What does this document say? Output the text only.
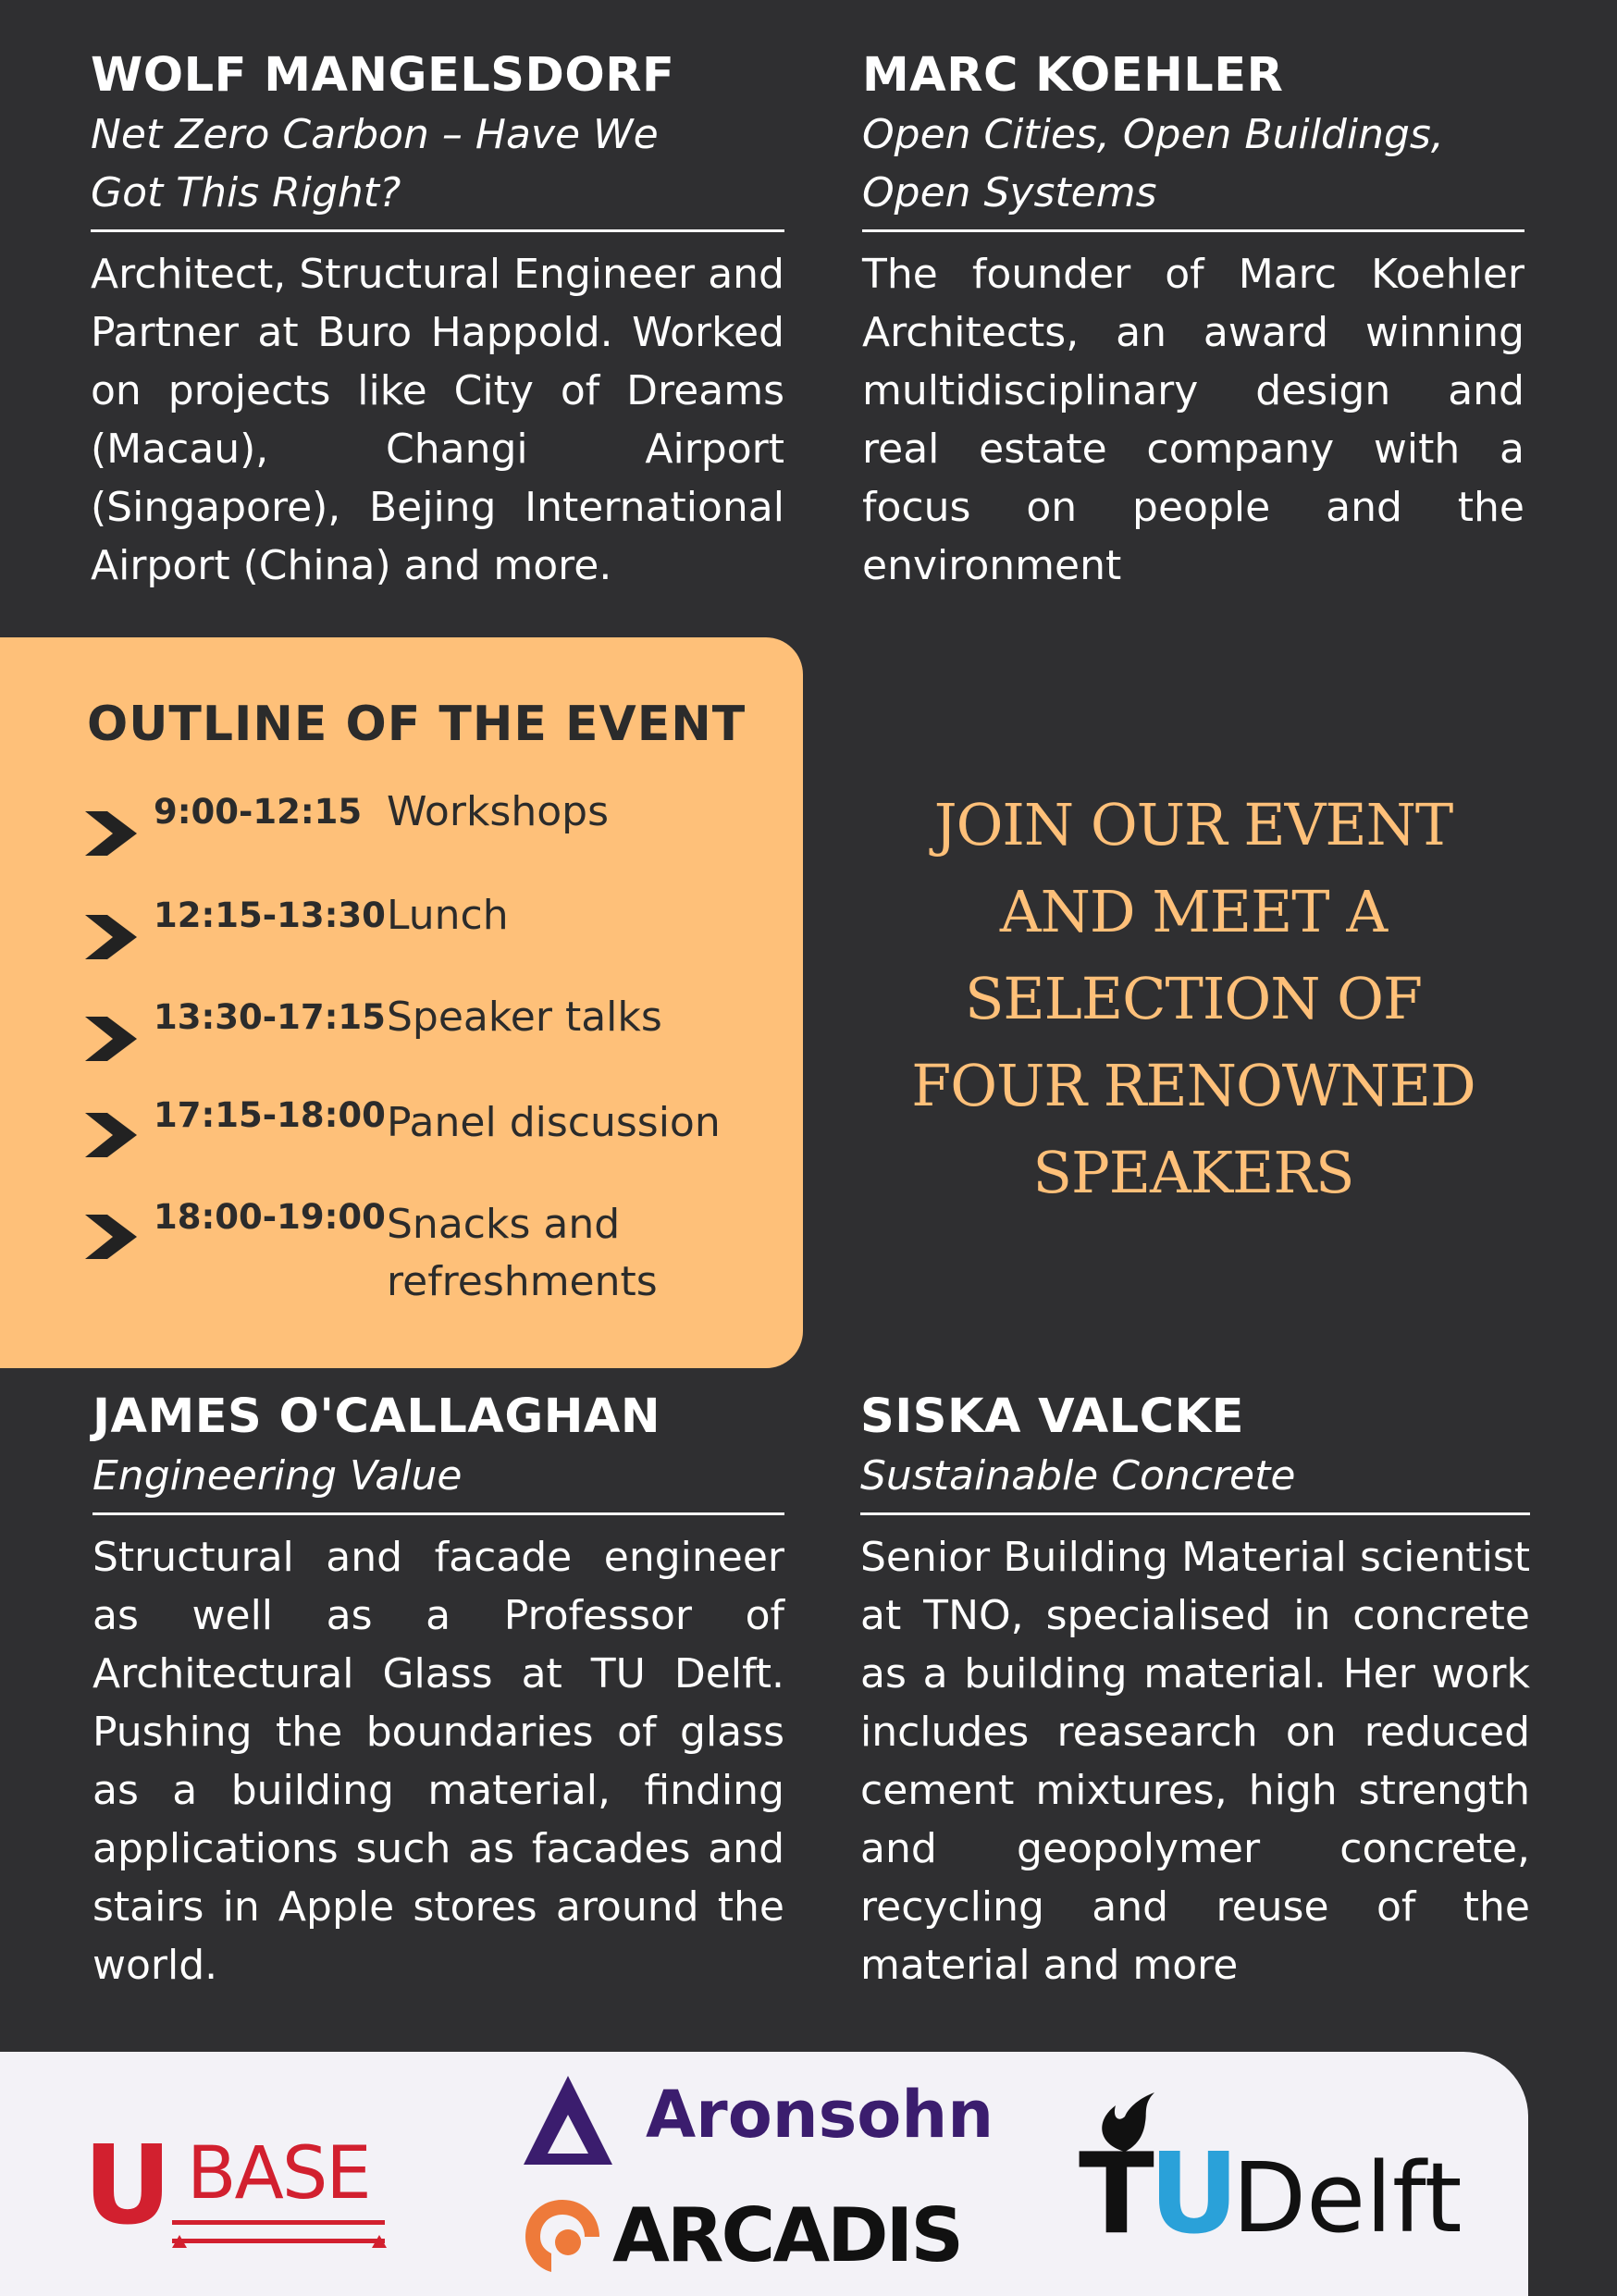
WOLF MANGELSDORF
Net Zero Carbon – Have We
Got This Right?
Architect, Structural Engineer and Partner at Buro Happold. Worked on projects like City of Dreams (Macau), Changi Airport (Singapore), Bejing International Airport (China) and more.
MARC KOEHLER
Open Cities, Open Buildings,
Open Systems
The founder of Marc Koehler Architects, an award winning multidisciplinary design and real estate company with a focus on people and the environment
OUTLINE OF THE EVENT
9:00-12:15 Workshops
12:15-13:30 Lunch
13:30-17:15 Speaker talks
17:15-18:00 Panel discussion
18:00-19:00 Snacks and
refreshments
JOIN OUR EVENT
AND MEET A
SELECTION OF
FOUR RENOWNED
SPEAKERS
JAMES O'CALLAGHAN
Engineering Value
Structural and facade engineer as well as a Professor of Architectural Glass at TU Delft. Pushing the boundaries of glass as a building material, finding applications such as facades and stairs in Apple stores around the world.
SISKA VALCKE
Sustainable Concrete
Senior Building Material scientist at TNO, specialised in concrete as a building material. Her work includes reasearch on reduced cement mixtures, high strength and geopolymer concrete, recycling and reuse of the material and more
U BASE
Aronsohn
ARCADIS T
U
Delft
